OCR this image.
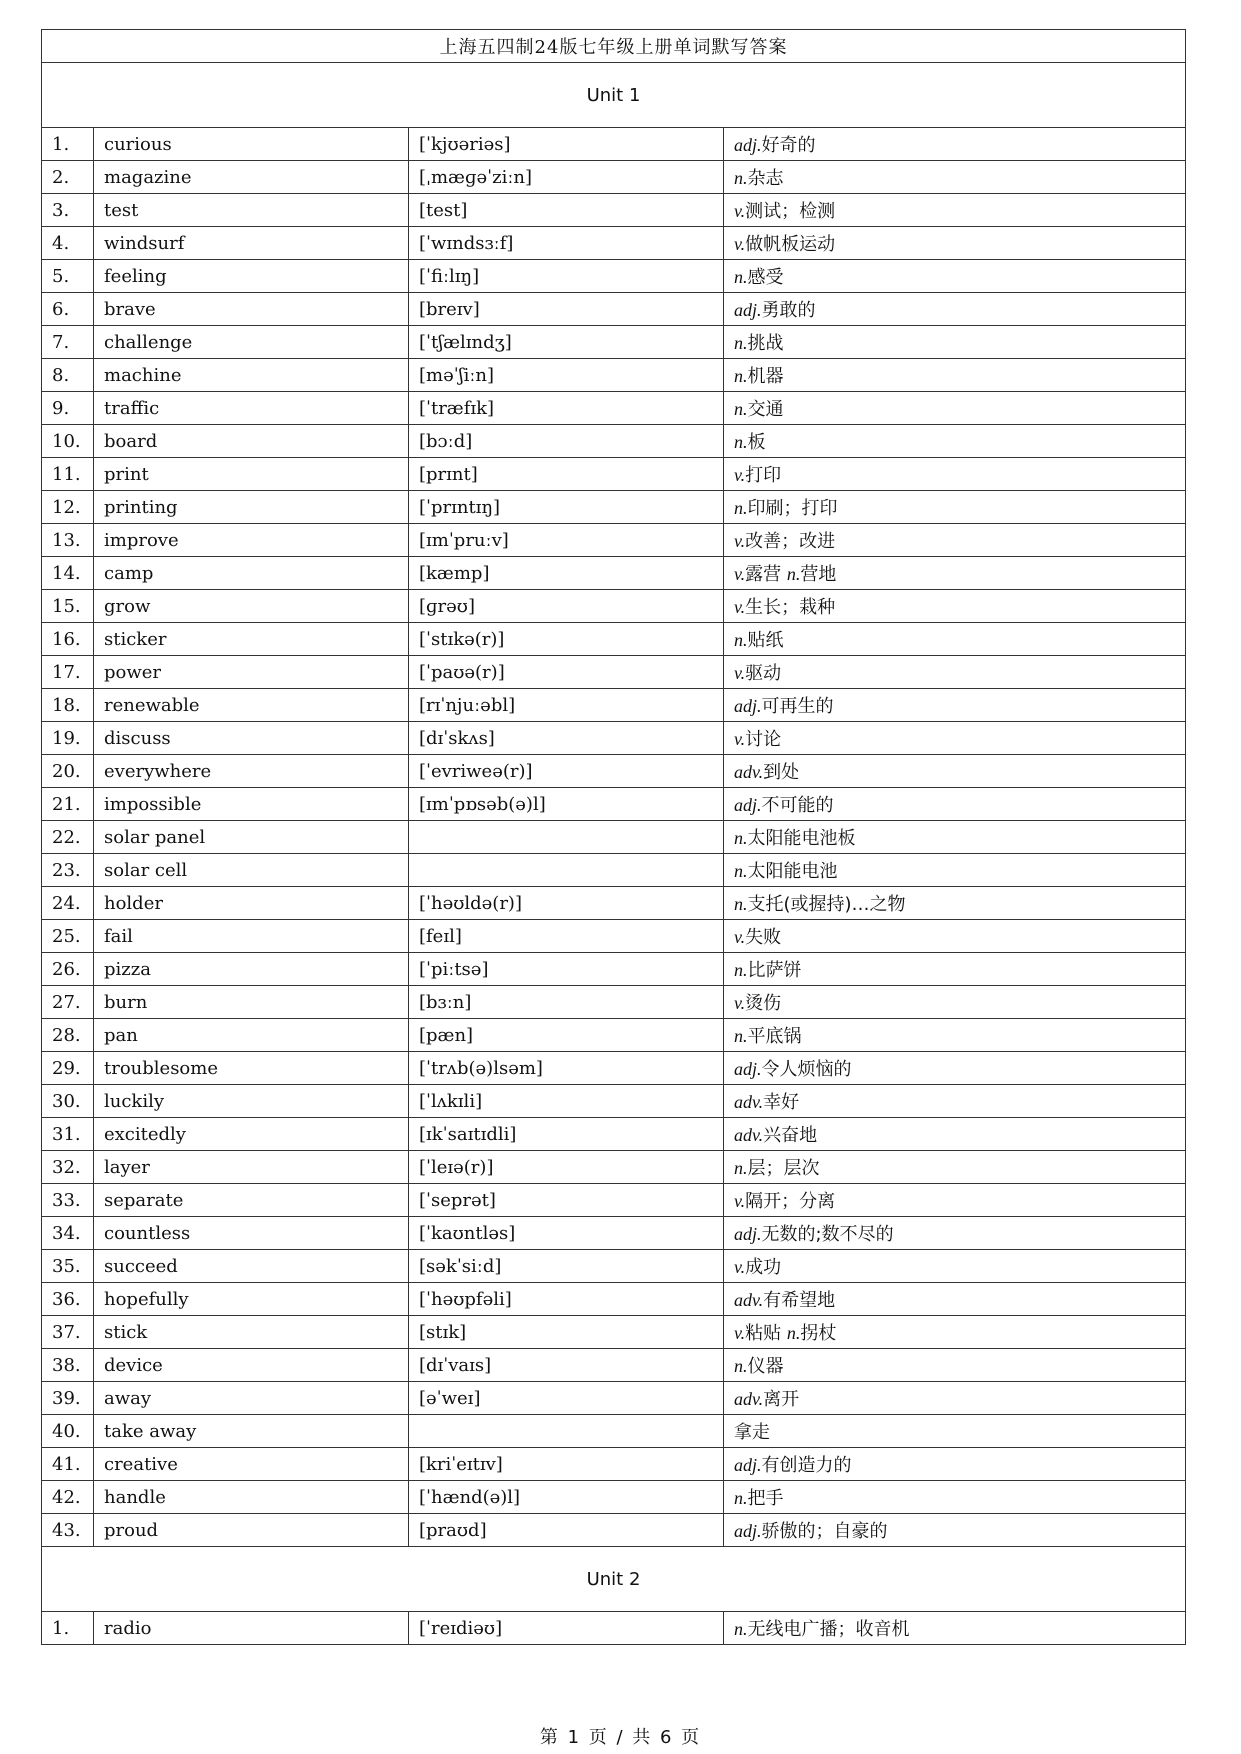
上海五四制24版七年级上册单词默写答案			
Unit 1			
1.	curious	[ˈkjʊəriəs]	adj.好奇的
2.	magazine	[ˌmæɡəˈziːn]	n.杂志
3.	test	[test]	v.测试；检测
4.	windsurf	[ˈwɪndsɜːf]	v.做帆板运动
5.	feeling	[ˈfiːlɪŋ]	n.感受
6.	brave	[breɪv]	adj.勇敢的
7.	challenge	[ˈtʃælɪndʒ]	n.挑战
8.	machine	[məˈʃiːn]	n.机器
9.	traffic	[ˈtræfɪk]	n.交通
10.	board	[bɔːd]	n.板
11.	print	[prɪnt]	v.打印
12.	printing	[ˈprɪntɪŋ]	n.印刷；打印
13.	improve	[ɪmˈpruːv]	v.改善；改进
14.	camp	[kæmp]	v.露营 n.营地
15.	grow	[ɡrəʊ]	v.生长；栽种
16.	sticker	[ˈstɪkə(r)]	n.贴纸
17.	power	[ˈpaʊə(r)]	v.驱动
18.	renewable	[rɪˈnjuːəbl]	adj.可再生的
19.	discuss	[dɪˈskʌs]	v.讨论
20.	everywhere	[ˈevriweə(r)]	adv.到处
21.	impossible	[ɪmˈpɒsəb(ə)l]	adj.不可能的
22.	solar panel		n.太阳能电池板
23.	solar cell		n.太阳能电池
24.	holder	[ˈhəʊldə(r)]	n.支托(或握持)…之物
25.	fail	[feɪl]	v.失败
26.	pizza	[ˈpiːtsə]	n.比萨饼
27.	burn	[bɜːn]	v.烫伤
28.	pan	[pæn]	n.平底锅
29.	troublesome	[ˈtrʌb(ə)lsəm]	adj.令人烦恼的
30.	luckily	[ˈlʌkɪli]	adv.幸好
31.	excitedly	[ɪkˈsaɪtɪdli]	adv.兴奋地
32.	layer	[ˈleɪə(r)]	n.层；层次
33.	separate	[ˈseprət]	v.隔开；分离
34.	countless	[ˈkaʊntləs]	adj.无数的;数不尽的
35.	succeed	[səkˈsiːd]	v.成功
36.	hopefully	[ˈhəʊpfəli]	adv.有希望地
37.	stick	[stɪk]	v.粘贴 n.拐杖
38.	device	[dɪˈvaɪs]	n.仪器
39.	away	[əˈweɪ]	adv.离开
40.	take away		拿走
41.	creative	[kriˈeɪtɪv]	adj.有创造力的
42.	handle	[ˈhænd(ə)l]	n.把手
43.	proud	[praʊd]	adj.骄傲的；自豪的
Unit 2			
1.	radio	[ˈreɪdiəʊ]	n.无线电广播；收音机
第 1 页 / 共 6 页
